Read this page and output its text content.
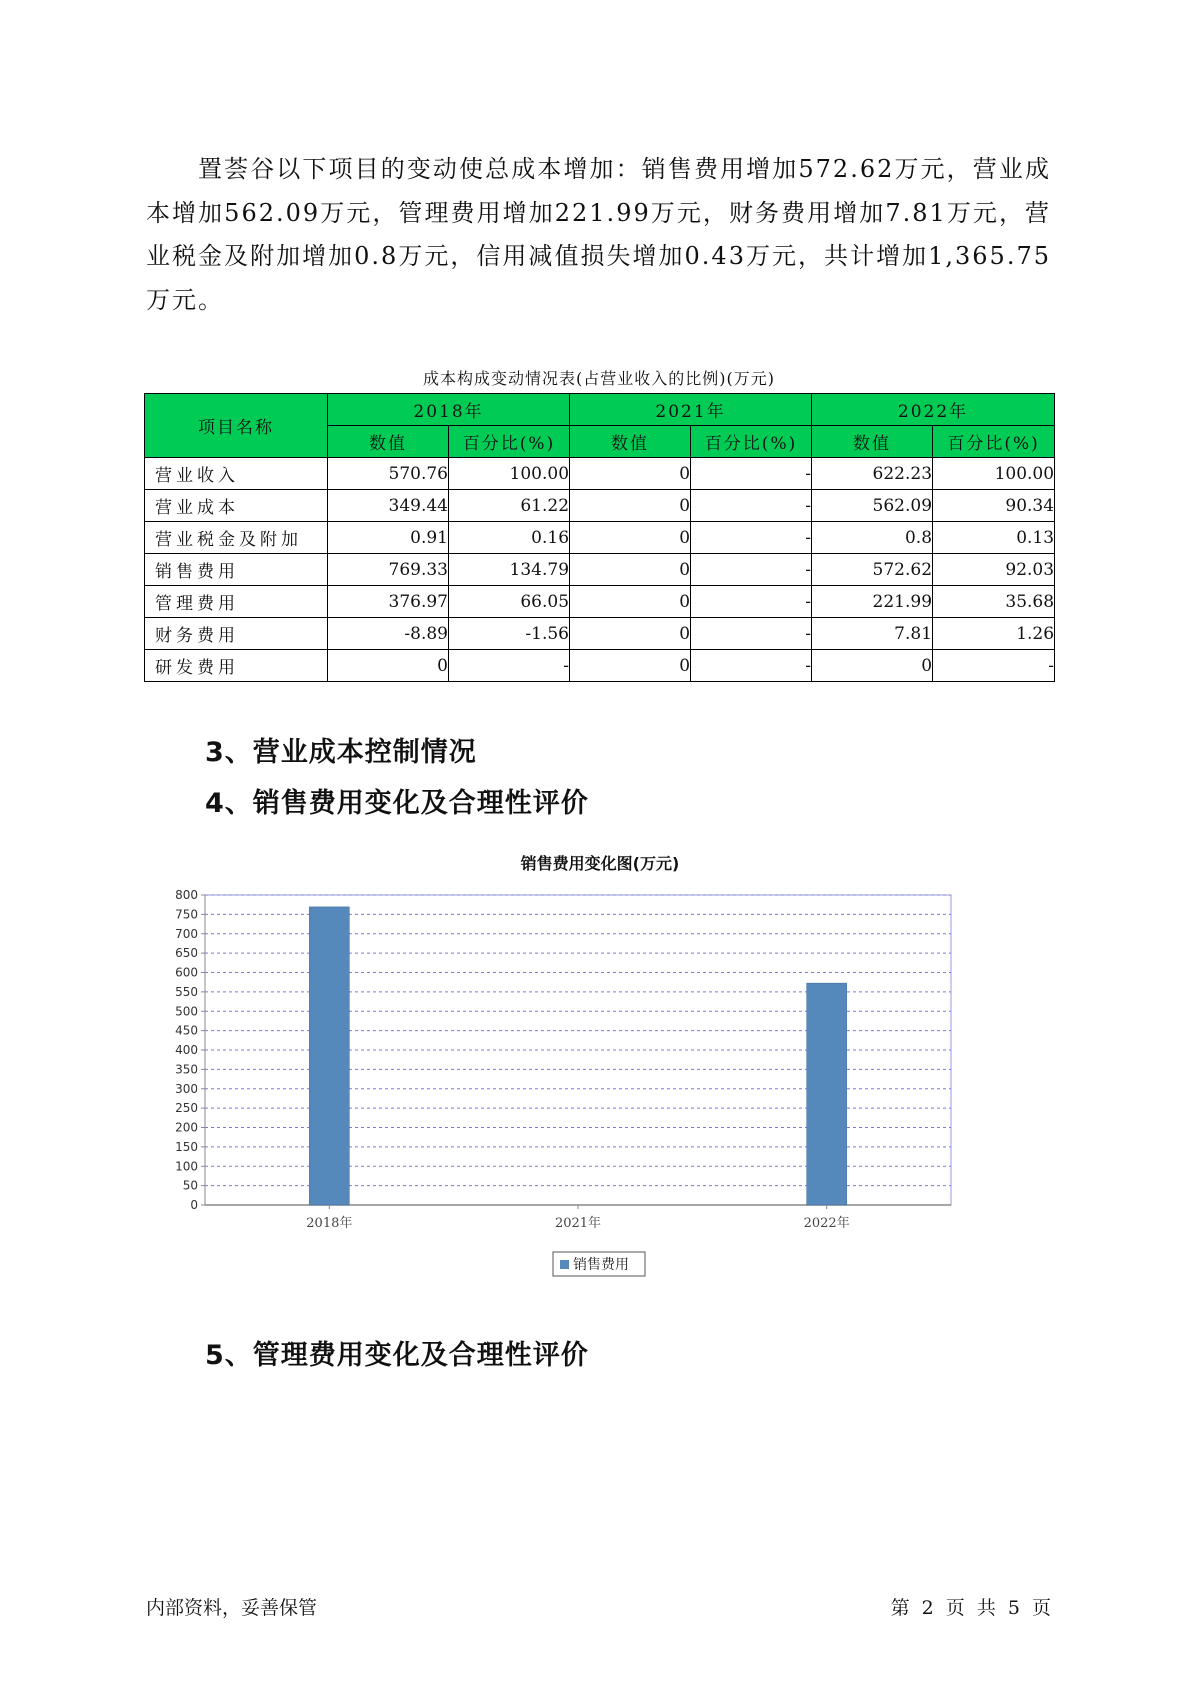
置荟谷以下项目的变动使总成本增加：销售费用增加572.62万元，营业成本增加562.09万元，管理费用增加221.99万元，财务费用增加7.81万元，营业税金及附加增加0.8万元，信用减值损失增加0.43万元，共计增加1,365.75万元。

成本构成变动情况表(占营业收入的比例)(万元)
项目名称	2018年		2021年		2022年	
	数值	百分比(%)	数值	百分比(%)	数值	百分比(%)
营业收入	570.76	100.00	0	-	622.23	100.00
营业成本	349.44	61.22	0	-	562.09	90.34
营业税金及附加	0.91	0.16	0	-	0.8	0.13
销售费用	769.33	134.79	0	-	572.62	92.03
管理费用	376.97	66.05	0	-	221.99	35.68
财务费用	-8.89	-1.56	0	-	7.81	1.26
研发费用	0	-	0	-	0	-
3、营业成本控制情况
4、销售费用变化及合理性评价
销售费用变化图(万元)
0
50
100
150
200
250
300
350
400
450
500
550
600
650
700
750
800
2018年	2021年	2022年
销售费用
5、管理费用变化及合理性评价
内部资料，妥善保管	第 2 页 共 5 页
